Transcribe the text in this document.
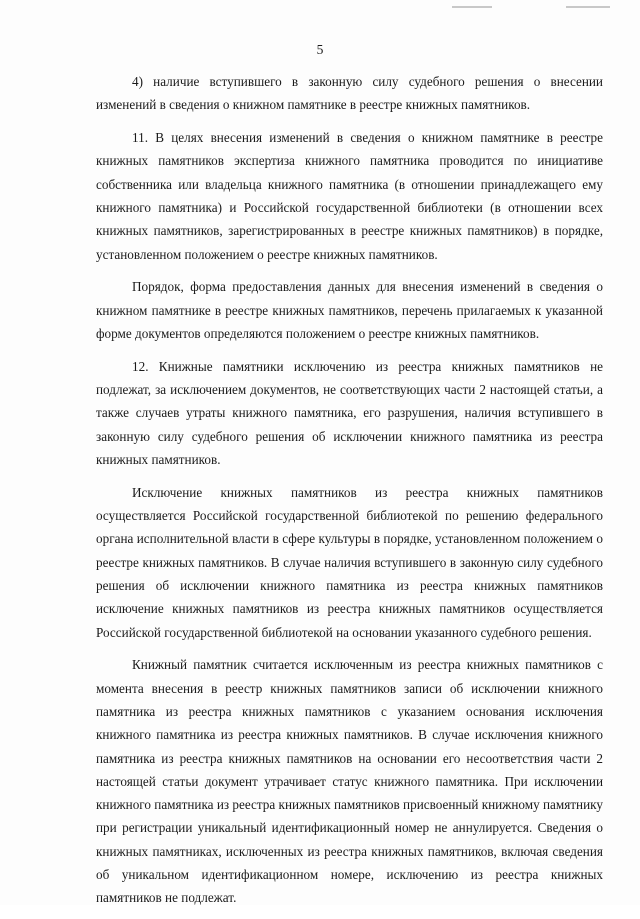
5

4) наличие вступившего в законную силу судебного решения о внесении изменений в сведения о книжном памятнике в реестре книжных памятников.

11. В целях внесения изменений в сведения о книжном памятнике в реестре книжных памятников экспертиза книжного памятника проводится по инициативе собственника или владельца книжного памятника (в отношении принадлежащего ему книжного памятника) и Российской государственной библиотеки (в отношении всех книжных памятников, зарегистрированных в реестре книжных памятников) в порядке, установленном положением о реестре книжных памятников.

Порядок, форма предоставления данных для внесения изменений в сведения о книжном памятнике в реестре книжных памятников, перечень прилагаемых к указанной форме документов определяются положением о реестре книжных памятников.

12. Книжные памятники исключению из реестра книжных памятников не подлежат, за исключением документов, не соответствующих части 2 настоящей статьи, а также случаев утраты книжного памятника, его разрушения, наличия вступившего в законную силу судебного решения об исключении книжного памятника из реестра книжных памятников.

Исключение книжных памятников из реестра книжных памятников осуществляется Российской государственной библиотекой по решению федерального органа исполнительной власти в сфере культуры в порядке, установленном положением о реестре книжных памятников. В случае наличия вступившего в законную силу судебного решения об исключении книжного памятника из реестра книжных памятников исключение книжных памятников из реестра книжных памятников осуществляется Российской государственной библиотекой на основании указанного судебного решения.

Книжный памятник считается исключенным из реестра книжных памятников с момента внесения в реестр книжных памятников записи об исключении книжного памятника из реестра книжных памятников с указанием основания исключения книжного памятника из реестра книжных памятников. В случае исключения книжного памятника из реестра книжных памятников на основании его несоответствия части 2 настоящей статьи документ утрачивает статус книжного памятника. При исключении книжного памятника из реестра книжных памятников присвоенный книжному памятнику при регистрации уникальный идентификационный номер не аннулируется. Сведения о книжных памятниках, исключенных из реестра книжных памятников, включая сведения об уникальном идентификационном номере, исключению из реестра книжных памятников не подлежат.
